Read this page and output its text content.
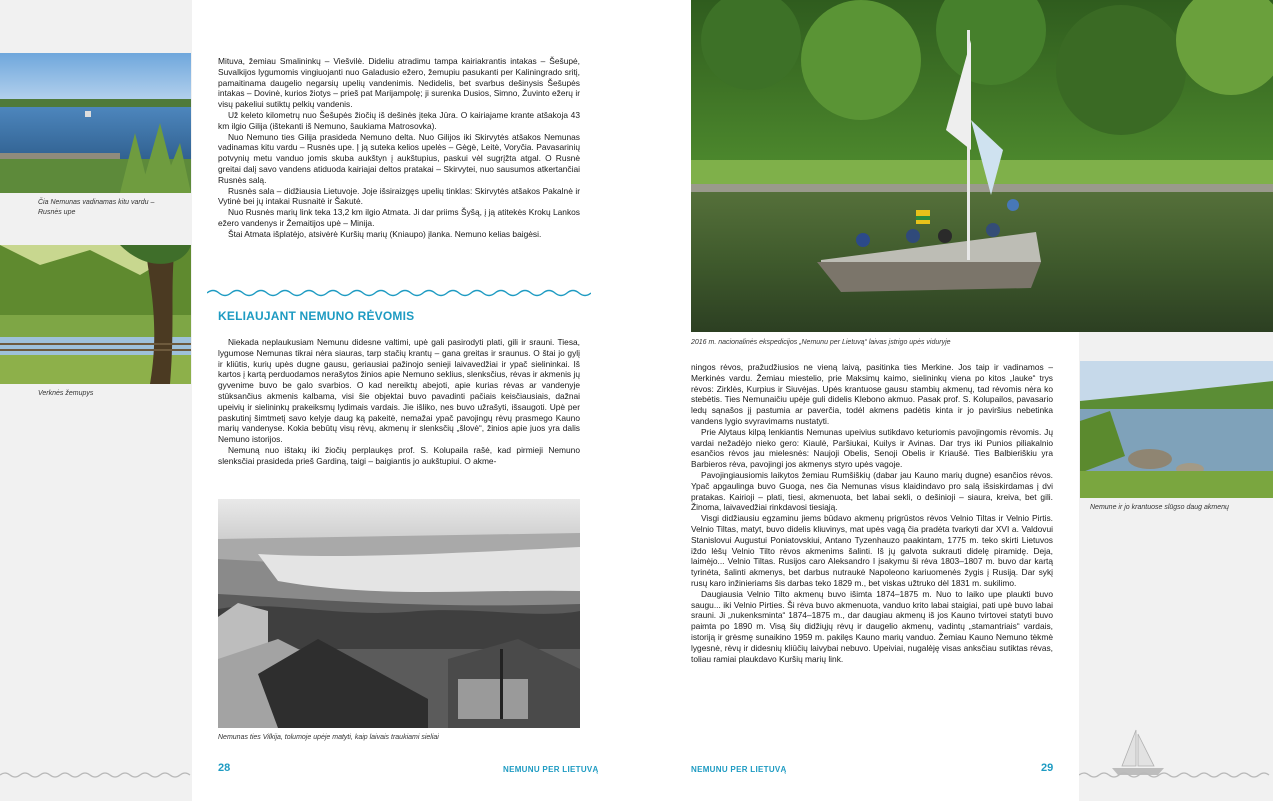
Čia Nemunas vadinamas kitu vardu – Rusnės upe
Verknės žemupys

Mituva, žemiau Smalininkų – Viešvilė. Dideliu atradimu tampa kairiakrantis intakas – Šešupė, Suvalkijos lygumomis vingiuojanti nuo Galadusio ežero, žemupiu pasukanti per Kaliningrado sritį, pamaitinama daugelio negarsių upelių vandenimis. Nedidelis, bet svarbus dešinysis Šešupės intakas – Dovinė, kurios žiotys – prieš pat Marijampolę; ji surenka Dusios, Simno, Žuvinto ežerų ir visų pakeliui sutiktų pelkių vandenis.

Už keleto kilometrų nuo Šešupės žiočių iš dešinės įteka Jūra. O kairiajame krante atšakoja 43 km ilgio Gilija (ištekanti iš Nemuno, šaukiama Matrosovka).

Nuo Nemuno ties Gilija prasideda Nemuno delta. Nuo Gilijos iki Skirvytės atšakos Nemunas vadinamas kitu vardu – Rusnės upe. Į ją suteka kelios upelės – Gėgė, Leitė, Voryčia. Pavasarinių potvynių metu vanduo jomis skuba aukštyn į aukštupius, paskui vėl sugrįžta atgal. O Rusnė greitai dalį savo vandens atiduoda kairiajai deltos pratakai – Skirvytei, nuo sausumos atkertančiai Rusnės salą.

Rusnės sala – didžiausia Lietuvoje. Joje išsiraizgęs upelių tinklas: Skirvytės atšakos Pakalnė ir Vytinė bei jų intakai Rusnaitė ir Šakutė.

Nuo Rusnės marių link teka 13,2 km ilgio Atmata. Ji dar priims Šyšą, į ją atitekės Krokų Lankos ežero vandenys ir Žemaitijos upė – Minija.

Štai Atmata išplatėjo, atsivėrė Kuršių marių (Kniaupo) įlanka. Nemuno kelias baigėsi.

KELIAUJANT NEMUNO RĖVOMIS

Niekada neplaukusiam Nemunu didesne valtimi, upė gali pasirodyti plati, gili ir srauni. Tiesa, lygumose Nemunas tikrai nėra siauras, tarp stačių krantų – gana greitas ir sraunus. O štai jo gylį ir kliūtis, kurių upės dugne gausu, geriausiai pažinojo senieji laivavedžiai ir ypač sielininkai. Iš kartos į kartą perduodamos nerašytos žinios apie Nemuno seklius, slenksčius, rėvas ir akmenis jų gyvenime buvo be galo svarbios. O kad nereiktų abejoti, apie kurias rėvas ar vandenyje stūksančius akmenis kalbama, visi šie objektai buvo pavadinti pačiais keisčiausiais, dažnai upeivių ir sielininkų prakeiksmų lydimais vardais. Jie išliko, nes buvo užrašyti, išsaugoti. Upė per paskutinį šimtmetį savo kelyje daug ką pakeitė, nemažai ypač pavojingų rėvų prasmego Kauno marių vandenyse. Kokia bebūtų visų rėvų, akmenų ir slenksčių „šlovė“, žinios apie juos yra dalis Nemuno istorijos.

Nemuną nuo ištakų iki žiočių perplaukęs prof. S. Kolupaila rašė, kad pirmieji Nemuno slenksčiai prasideda prieš Gardiną, taigi – baigiantis jo aukštupiui. O akme-

Nemunas ties Vilkija, tolumoje upėje matyti, kaip laivais traukiami sieliai
28	NEMUNU PER LIETUVĄ
2016 m. nacionalinės ekspedicijos „Nemunu per Lietuvą“ laivas įstrigo upės viduryje
Nemune ir jo krantuose slūgso daug akmenų

ningos rėvos, pražudžiusios ne vieną laivą, pasitinka ties Merkine. Jos taip ir vadinamos – Merkinės vardu. Žemiau miestelio, prie Maksimų kaimo, sielininkų viena po kitos „lauke“ trys rėvos: Zirklės, Kurpius ir Siuvėjas. Upės krantuose gausu stambių akmenų, tad rėvomis nėra ko stebėtis. Ties Nemunaičiu upėje guli didelis Klebono akmuo. Pasak prof. S. Kolupailos, pavasario ledų sąnašos jį pastumia ar paverčia, todėl akmens padėtis kinta ir jo paviršius nebetinka vandens lygio svyravimams nustatyti.

Prie Alytaus kilpą lenkiantis Nemunas upeivius sutikdavo keturiomis pavojingomis rėvomis. Jų vardai nežadėjo nieko gero: Kiaulė, Paršiukai, Kuilys ir Avinas. Dar trys iki Punios piliakalnio esančios rėvos jau mielesnės: Naujoji Obelis, Senoji Obelis ir Kriaušė. Ties Balbieriškiu yra Barbieros rėva, pavojingi jos akmenys styro upės vagoje.

Pavojingiausiomis laikytos žemiau Rumšiškių (dabar jau Kauno marių dugne) esančios rėvos. Ypač apgaulinga buvo Guoga, nes čia Nemunas visus klaidindavo pro salą išsiskirdamas į dvi pratakas. Kairioji – plati, tiesi, akmenuota, bet labai sekli, o dešinioji – siaura, kreiva, bet gili. Žinoma, laivavedžiai rinkdavosi tiesiąją.

Visgi didžiausiu egzaminu jiems būdavo akmenų prigrūstos rėvos Velnio Tiltas ir Velnio Pirtis. Velnio Tiltas, matyt, buvo didelis kliuvinys, mat upės vagą čia pradėta tvarkyti dar XVI a. Valdovui Stanislovui Augustui Poniatovskiui, Antano Tyzenhauzo paakintam, 1775 m. teko skirti Lietuvos iždo lėšų Velnio Tilto rėvos akmenims šalinti. Iš jų galvota sukrauti didelę piramidę. Deja, laimėjo... Velnio Tiltas. Rusijos caro Aleksandro I įsakymu ši rėva 1803–1807 m. buvo dar kartą tyrinėta, šalinti akmenys, bet darbus nutraukė Napoleono kariuomenės žygis į Rusiją. Dar sykį rusų karo inžinieriams šis darbas teko 1829 m., bet viskas užtruko dėl 1831 m. sukilimo.

Daugiausia Velnio Tilto akmenų buvo išimta 1874–1875 m. Nuo to laiko upe plaukti buvo saugu... iki Velnio Pirties. Ši rėva buvo akmenuota, vanduo krito labai staigiai, pati upė buvo labai srauni. Ji „nukenksminta“ 1874–1875 m., dar daugiau akmenų iš jos Kauno tvirtovei statyti buvo paimta po 1890 m. Visą šių didžiųjų rėvų ir daugelio akmenų, vadintų „stamantriais“ vardais, istoriją ir grėsmę sunaikino 1959 m. pakilęs Kauno marių vanduo. Žemiau Kauno Nemuno tėkmė lygesnė, rėvų ir didesnių kliūčių laivybai nebuvo. Upeiviai, nugalėję visas anksčiau sutiktas rėvas, toliau ramiai plaukdavo Kuršių marių link.

NEMUNU PER LIETUVĄ	29
